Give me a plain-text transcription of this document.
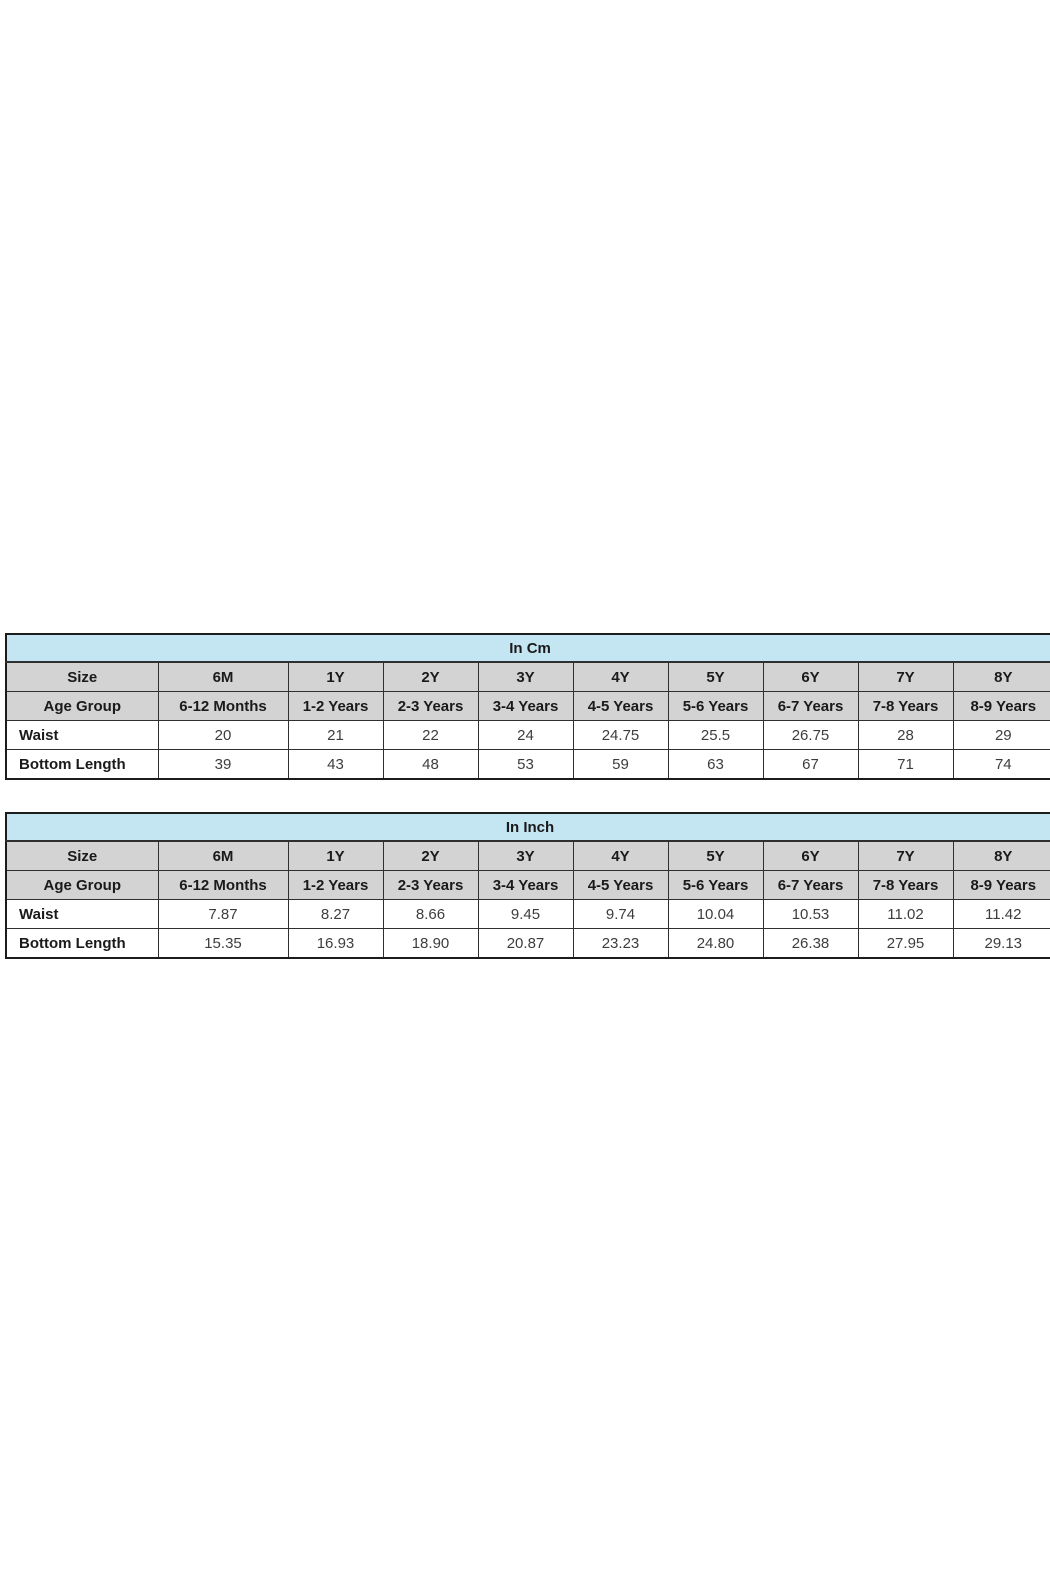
In Cm									
Size	6M	1Y	2Y	3Y	4Y	5Y	6Y	7Y	8Y
Age Group	6-12 Months	1-2 Years	2-3 Years	3-4 Years	4-5 Years	5-6 Years	6-7 Years	7-8 Years	8-9 Years
Waist	20	21	22	24	24.75	25.5	26.75	28	29
Bottom Length	39	43	48	53	59	63	67	71	74
In Inch									
Size	6M	1Y	2Y	3Y	4Y	5Y	6Y	7Y	8Y
Age Group	6-12 Months	1-2 Years	2-3 Years	3-4 Years	4-5 Years	5-6 Years	6-7 Years	7-8 Years	8-9 Years
Waist	7.87	8.27	8.66	9.45	9.74	10.04	10.53	11.02	11.42
Bottom Length	15.35	16.93	18.90	20.87	23.23	24.80	26.38	27.95	29.13
